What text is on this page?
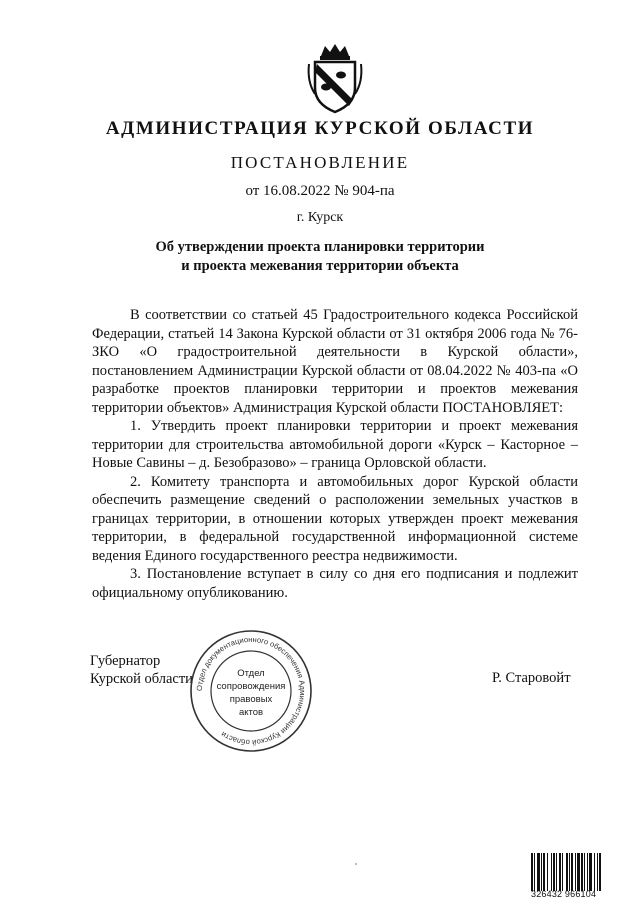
АДМИНИСТРАЦИЯ КУРСКОЙ ОБЛАСТИ
ПОСТАНОВЛЕНИЕ
от 16.08.2022 № 904-па
г. Курск
Об утверждении проекта планировки территории
и проекта межевания территории объекта

В соответствии со статьей 45 Градостроительного кодекса Российской Федерации, статьей 14 Закона Курской области от 31 октября 2006 года № 76-ЗКО «О градостроительной деятельности в Курской области», постановлением Администрации Курской области от 08.04.2022 № 403-па «О разработке проектов планировки территории и проектов межевания территории объектов» Администрация Курской области ПОСТАНОВЛЯЕТ:

1. Утвердить проект планировки территории и проект межевания территории для строительства автомобильной дороги «Курск – Касторное – Новые Савины – д. Безобразово» – граница Орловской области.

2. Комитету транспорта и автомобильных дорог Курской области обеспечить размещение сведений о расположении земельных участков в границах территории, в отношении которых утвержден проект межевания территории, в федеральной государственной информационной системе ведения Единого государственного реестра недвижимости.

3. Постановление вступает в силу со дня его подписания и подлежит официальному опубликованию.

Губернатор
Курской области	Р. Старовойт
Отдел документационного обеспечения Администрации Курской области
Отдел
сопровождения
правовых
актов
326432 966104
